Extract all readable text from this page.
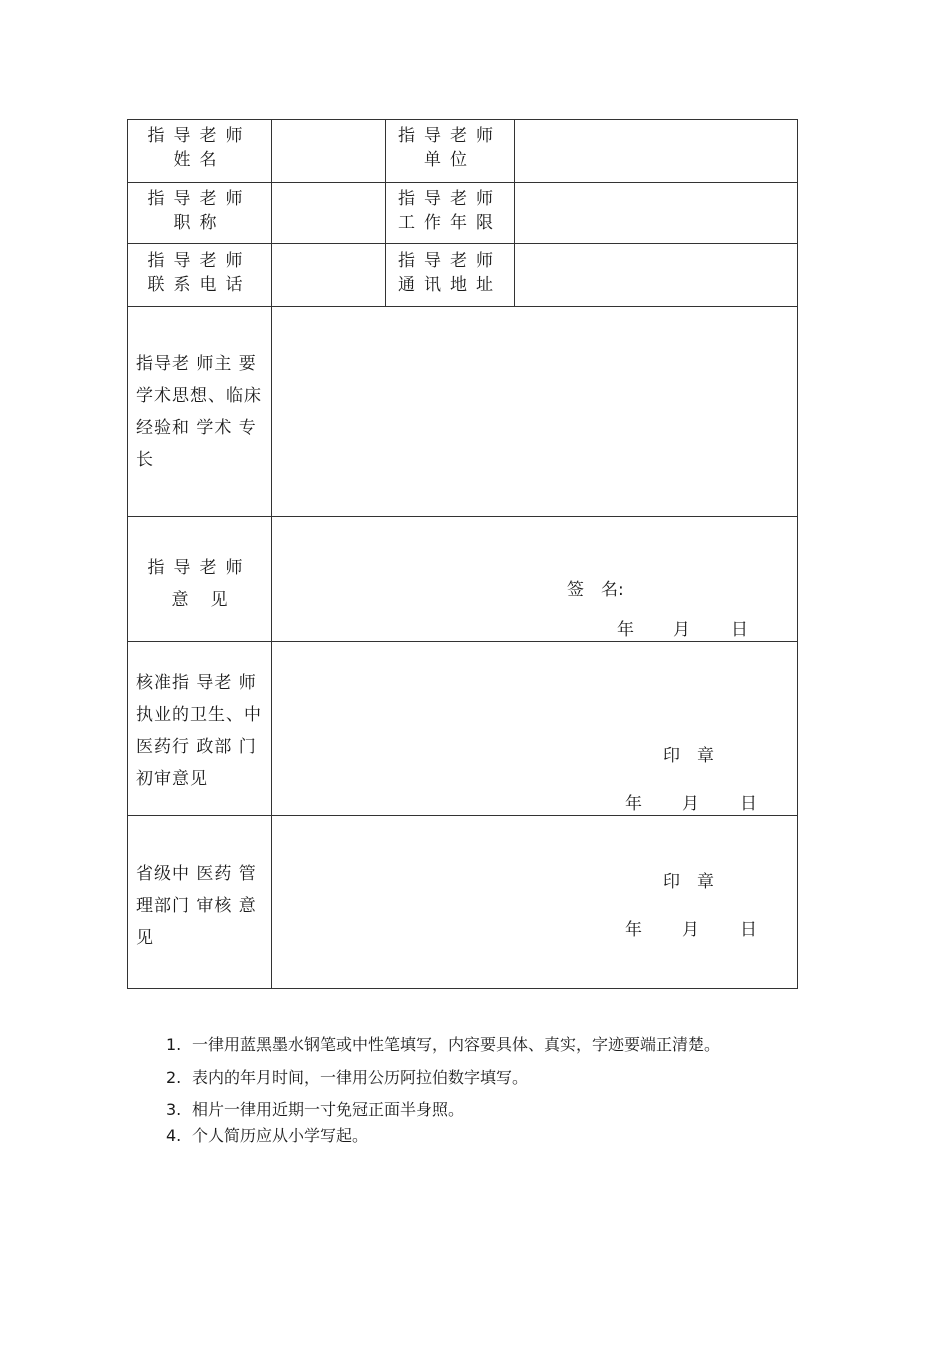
指导老师
姓名
指导老师
单位
指导老师
职称
指导老师
工作年限
指导老师
联系电话
指导老师
通讯地址
指导老 师主 要学术思想、临床经验和 学术 专长
指导老师
意见	签　名:
年 月 日
核准指 导老 师执业的卫生、中医药行 政部 门初审意见
印　章
年 月 日
省级中 医药 管理部门 审核 意见
印　章
年 月 日
1. 一律用蓝黑墨水钢笔或中性笔填写，内容要具体、真实，字迹要端正清楚。
2. 表内的年月时间，一律用公历阿拉伯数字填写。
3. 相片一律用近期一寸免冠正面半身照。
4. 个人简历应从小学写起。
